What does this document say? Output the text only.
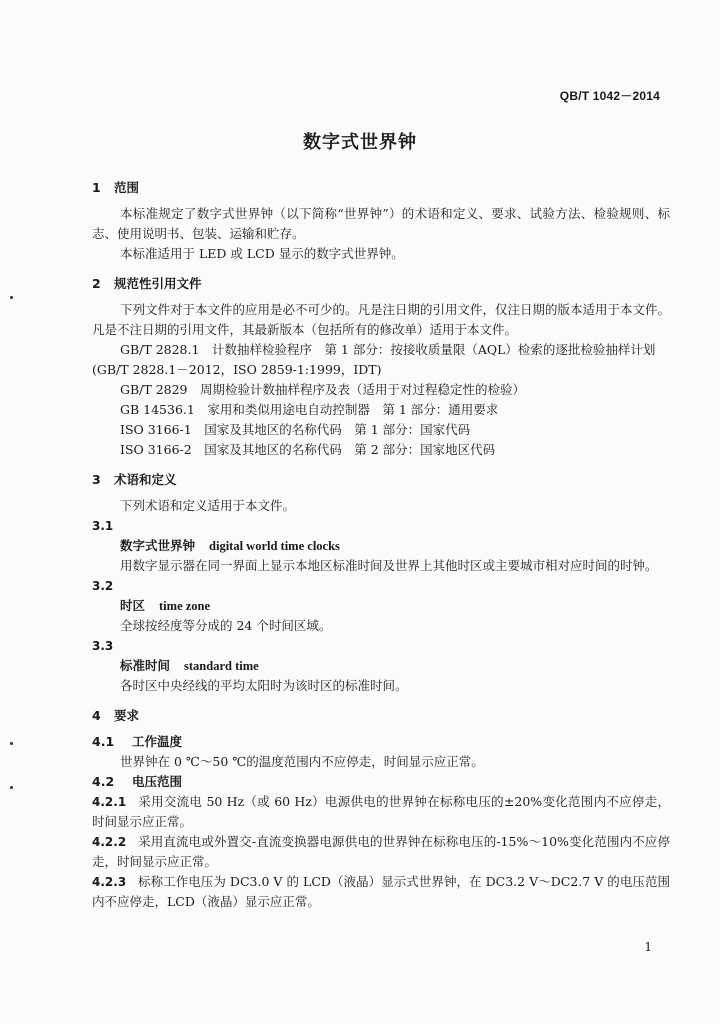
QB/T 1042－2014
数字式世界钟
1 范围
本标准规定了数字式世界钟（以下简称“世界钟”）的术语和定义、要求、试验方法、检验规则、标志、使用说明书、包装、运输和贮存。
本标准适用于 LED 或 LCD 显示的数字式世界钟。
2 规范性引用文件
下列文件对于本文件的应用是必不可少的。凡是注日期的引用文件，仅注日期的版本适用于本文件。凡是不注日期的引用文件，其最新版本（包括所有的修改单）适用于本文件。
GB/T 2828.1　 计数抽样检验程序　第 1 部分：按接收质量限（AQL）检索的逐批检验抽样计划
(GB/T 2828.1－2012，ISO 2859-1:1999，IDT)
GB/T 2829　 周期检验计数抽样程序及表（适用于对过程稳定性的检验）
GB 14536.1　 家用和类似用途电自动控制器　第 1 部分：通用要求
ISO 3166-1　 国家及其地区的名称代码　第 1 部分：国家代码
ISO 3166-2　 国家及其地区的名称代码　第 2 部分：国家地区代码
3 术语和定义
下列术语和定义适用于本文件。
3.1
数字式世界钟 digital world time clocks
用数字显示器在同一界面上显示本地区标准时间及世界上其他时区或主要城市相对应时间的时钟。
3.2
时区 time zone
全球按经度等分成的 24 个时间区域。
3.3
标准时间 standard time
各时区中央经线的平均太阳时为该时区的标准时间。
4 要求
4.1 工作温度
世界钟在 0 ℃～50 ℃的温度范围内不应停走，时间显示应正常。
4.2 电压范围
4.2.1 采用交流电 50 Hz（或 60 Hz）电源供电的世界钟在标称电压的±20%变化范围内不应停走，时间显示应正常。
4.2.2 采用直流电或外置交-直流变换器电源供电的世界钟在标称电压的-15%～10%变化范围内不应停走，时间显示应正常。
4.2.3 标称工作电压为 DC3.0 V 的 LCD（液晶）显示式世界钟，在 DC3.2 V～DC2.7 V 的电压范围内不应停走，LCD（液晶）显示应正常。
1
